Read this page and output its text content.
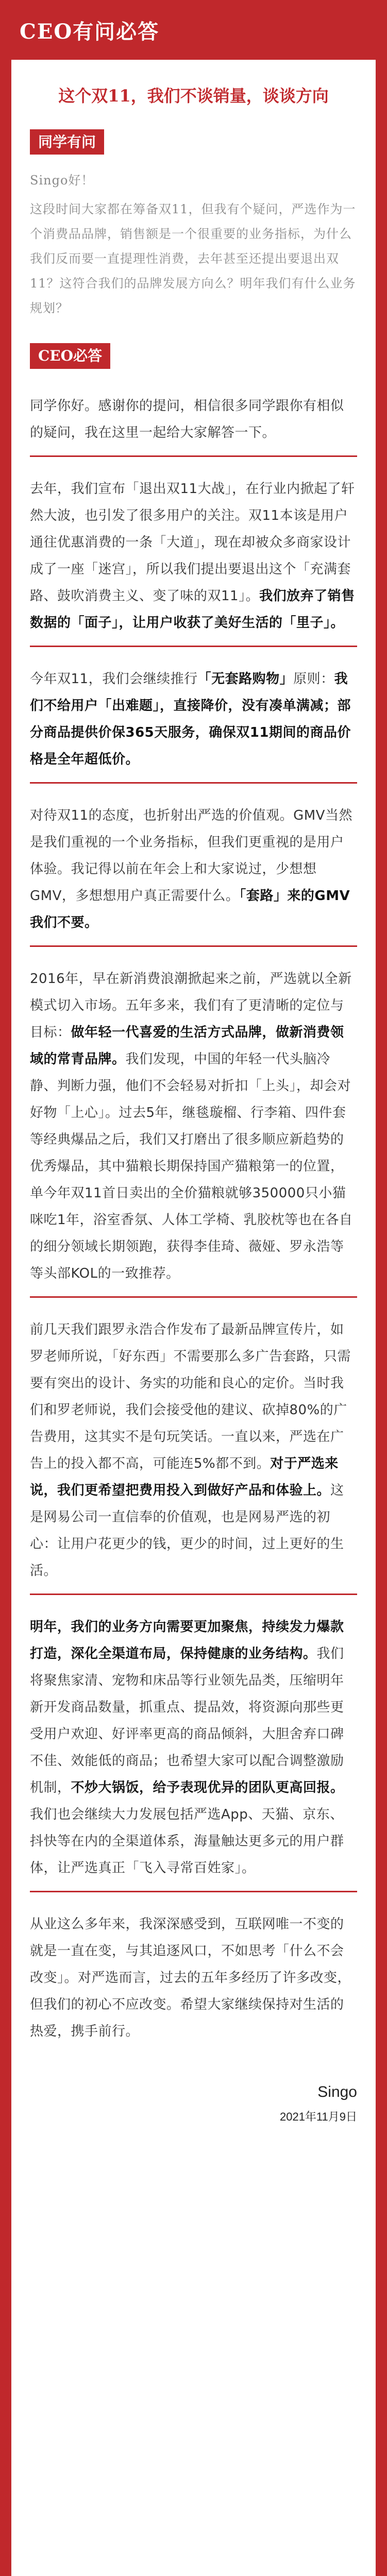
CEO有问必答
这个双11，我们不谈销量，谈谈方向
同学有问

Singo好！

这段时间大家都在筹备双11，但我有个疑问，严选作为一个消费品品牌，销售额是一个很重要的业务指标，为什么我们反而要一直提理性消费，去年甚至还提出要退出双11？这符合我们的品牌发展方向么？明年我们有什么业务规划？

CEO必答

同学你好。感谢你的提问，相信很多同学跟你有相似的疑问，我在这里一起给大家解答一下。

去年，我们宣布「退出双11大战」，在行业内掀起了轩然大波，也引发了很多用户的关注。双11本该是用户通往优惠消费的一条「大道」，现在却被众多商家设计成了一座「迷宫」，所以我们提出要退出这个「充满套路、鼓吹消费主义、变了味的双11」。我们放弃了销售数据的「面子」，让用户收获了美好生活的「里子」。

今年双11，我们会继续推行「无套路购物」原则：我们不给用户「出难题」，直接降价，没有凑单满减；部分商品提供价保365天服务，确保双11期间的商品价格是全年超低价。

对待双11的态度，也折射出严选的价值观。GMV当然是我们重视的一个业务指标，但我们更重视的是用户体验。我记得以前在年会上和大家说过，少想想GMV，多想想用户真正需要什么。「套路」来的GMV我们不要。

2016年，早在新消费浪潮掀起来之前，严选就以全新模式切入市场。五年多来，我们有了更清晰的定位与目标：做年轻一代喜爱的生活方式品牌，做新消费领域的常青品牌。我们发现，中国的年轻一代头脑冷静、判断力强，他们不会轻易对折扣「上头」，却会对好物「上心」。过去5年，继毯璇榴、行李箱、四件套等经典爆品之后，我们又打磨出了很多顺应新趋势的优秀爆品，其中猫粮长期保持国产猫粮第一的位置，单今年双11首日卖出的全价猫粮就够350000只小猫咪吃1年，浴室香氛、人体工学椅、乳胶枕等也在各自的细分领域长期领跑，获得李佳琦、薇娅、罗永浩等等头部KOL的一致推荐。

前几天我们跟罗永浩合作发布了最新品牌宣传片，如罗老师所说，「好东西」不需要那么多广告套路，只需要有突出的设计、务实的功能和良心的定价。当时我们和罗老师说，我们会接受他的建议、砍掉80%的广告费用，这其实不是句玩笑话。一直以来，严选在广告上的投入都不高，可能连5%都不到。对于严选来说，我们更希望把费用投入到做好产品和体验上。这是网易公司一直信奉的价值观，也是网易严选的初心：让用户花更少的钱，更少的时间，过上更好的生活。

明年，我们的业务方向需要更加聚焦，持续发力爆款打造，深化全渠道布局，保持健康的业务结构。我们将聚焦家清、宠物和床品等行业领先品类，压缩明年新开发商品数量，抓重点、提品效，将资源向那些更受用户欢迎、好评率更高的商品倾斜，大胆舍弃口碑不佳、效能低的商品；也希望大家可以配合调整激励机制，不炒大锅饭，给予表现优异的团队更高回报。我们也会继续大力发展包括严选App、天猫、京东、抖快等在内的全渠道体系，海量触达更多元的用户群体，让严选真正「飞入寻常百姓家」。

从业这么多年来，我深深感受到，互联网唯一不变的就是一直在变，与其追逐风口，不如思考「什么不会改变」。对严选而言，过去的五年多经历了许多改变，但我们的初心不应改变。希望大家继续保持对生活的热爱，携手前行。

Singo
2021年11月9日
